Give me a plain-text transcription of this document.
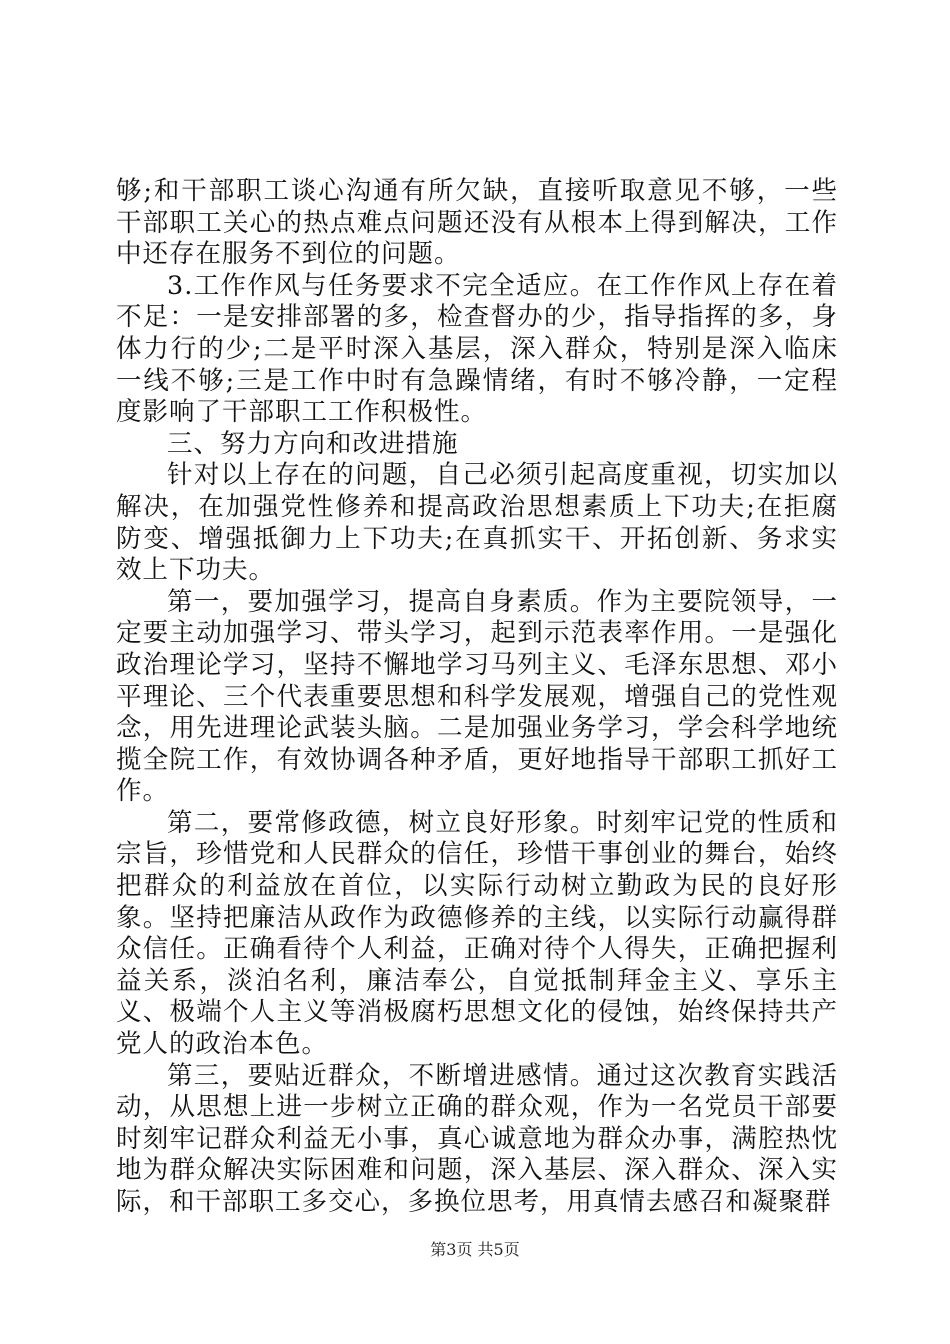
够;和干部职工谈心沟通有所欠缺，直接听取意见不够，一些干部职工关心的热点难点问题还没有从根本上得到解决，工作中还存在服务不到位的问题。

3.工作作风与任务要求不完全适应。在工作作风上存在着不足：一是安排部署的多，检查督办的少，指导指挥的多，身体力行的少;二是平时深入基层，深入群众，特别是深入临床一线不够;三是工作中时有急躁情绪，有时不够冷静，一定程度影响了干部职工工作积极性。

三、努力方向和改进措施

针对以上存在的问题，自己必须引起高度重视，切实加以解决，在加强党性修养和提高政治思想素质上下功夫;在拒腐防变、增强抵御力上下功夫;在真抓实干、开拓创新、务求实效上下功夫。

第一，要加强学习，提高自身素质。作为主要院领导，一定要主动加强学习、带头学习，起到示范表率作用。一是强化政治理论学习，坚持不懈地学习马列主义、毛泽东思想、邓小平理论、三个代表重要思想和科学发展观，增强自己的党性观念，用先进理论武装头脑。二是加强业务学习，学会科学地统揽全院工作，有效协调各种矛盾，更好地指导干部职工抓好工作。

第二，要常修政德，树立良好形象。时刻牢记党的性质和宗旨，珍惜党和人民群众的信任，珍惜干事创业的舞台，始终把群众的利益放在首位，以实际行动树立勤政为民的良好形象。坚持把廉洁从政作为政德修养的主线，以实际行动赢得群众信任。正确看待个人利益，正确对待个人得失，正确把握利益关系，淡泊名利，廉洁奉公，自觉抵制拜金主义、享乐主义、极端个人主义等消极腐朽思想文化的侵蚀，始终保持共产党人的政治本色。

第三，要贴近群众，不断增进感情。通过这次教育实践活动，从思想上进一步树立正确的群众观，作为一名党员干部要时刻牢记群众利益无小事，真心诚意地为群众办事，满腔热忱地为群众解决实际困难和问题，深入基层、深入群众、深入实际，和干部职工多交心，多换位思考，用真情去感召和凝聚群

第3页 共5页
